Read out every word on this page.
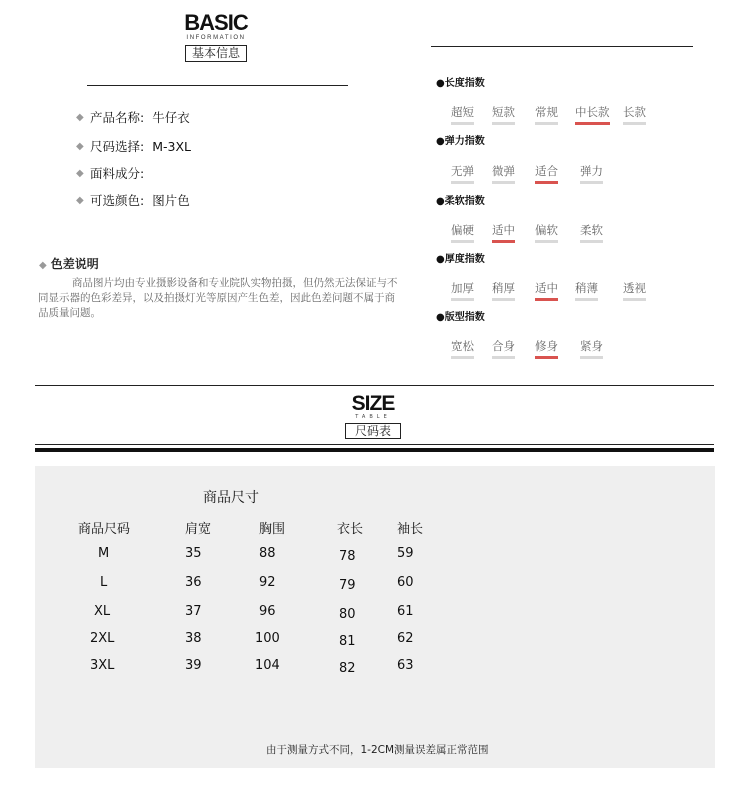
BASIC
INFORMATION
基本信息
◆ 产品名称: 牛仔衣
◆ 尺码选择: M-3XL
◆ 面料成分:
◆ 可选颜色: 图片色
◆ 色差说明
商品图片均由专业摄影设备和专业院队实物拍摄，但仍然无法保证与不同显示器的色彩差异，以及拍摄灯光等原因产生色差，因此色差问题不属于商品质量问题。
●长度指数
超短 短款 常规 中长款 长款
●弹力指数
无弹 微弹 适合 弹力
●柔软指数
偏硬 适中 偏软 柔软
●厚度指数
加厚 稍厚 适中 稍薄 透视
●版型指数
宽松 合身 修身 紧身
SIZE
TABLE
尺码表
商品尺寸
商品尺码	肩宽	胸围	衣长	袖长
M	35	88	78	59
L	36	92	79	60
XL	37	96	80	61
2XL	38	100	81	62
3XL	39	104	82	63
由于测量方式不同，1-2CM测量误差属正常范围
